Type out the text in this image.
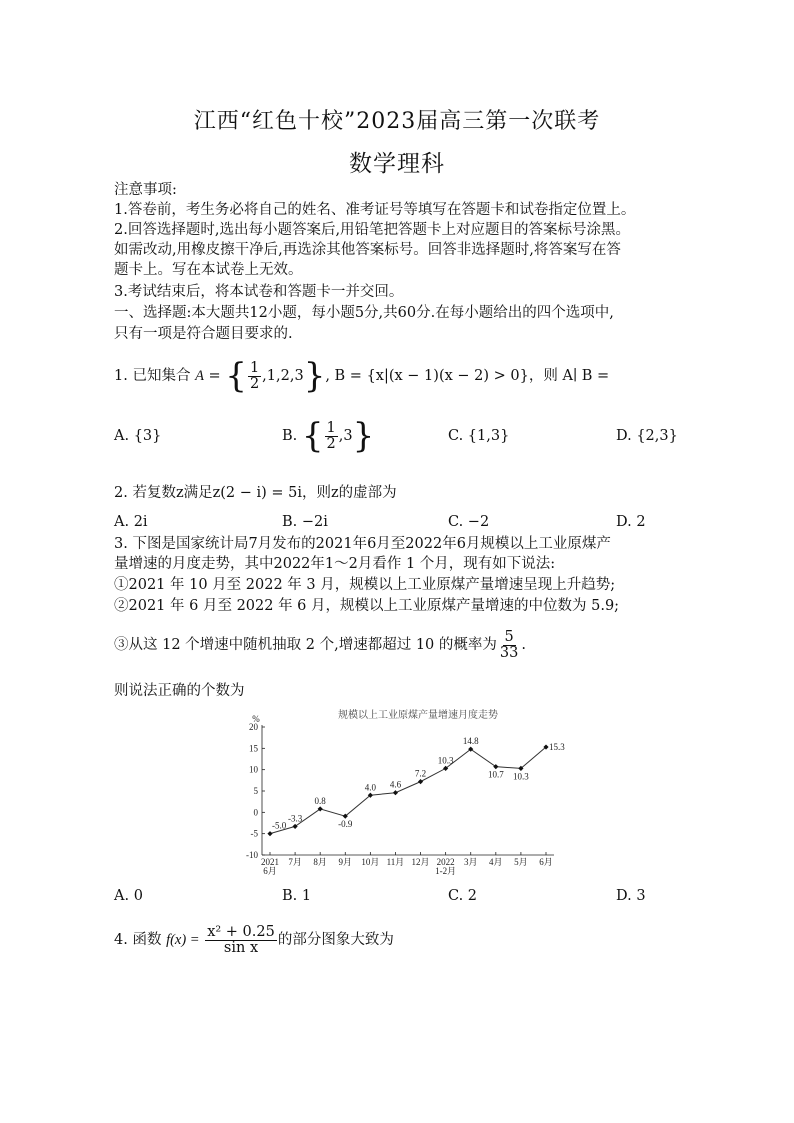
江西“红色十校”2023届高三第一次联考
数学理科
注意事项:
1.答卷前，考生务必将自己的姓名、准考证号等填写在答题卡和试卷指定位置上。
2.回答选择题时,选出每小题答案后,用铅笔把答题卡上对应题目的答案标号涂黑。
如需改动,用橡皮擦干净后,再选涂其他答案标号。回答非选择题时,将答案写在答
题卡上。写在本试卷上无效。
3.考试结束后，将本试卷和答题卡一并交回。
一、选择题:本大题共12小题，每小题5分,共60分.在每小题给出的四个选项中,
只有一项是符合题目要求的.
1. 已知集合 A = { $\frac{1}{2} ,1,2,3$}, B = {x|(x − 1)(x − 2) > 0}，则 A∣ B =
A. {3}	B. { $\frac{1}{2} ,3$}	C. {1,3}	D. {2,3}
2. 若复数z满足z(2 − i) = 5i，则z的虚部为
A. 2i	B. −2i	C. −2	D. 2
3. 下图是国家统计局7月发布的2021年6月至2022年6月规模以上工业原煤产
量增速的月度走势，其中2022年1～2月看作 1 个月，现有如下说法:
①2021 年 10 月至 2022 年 3 月，规模以上工业原煤产量增速呈现上升趋势;
②2021 年 6 月至 2022 年 6 月，规模以上工业原煤产量增速的中位数为 5.9;
③从这 12 个增速中随机抽取 2 个,增速都超过 10 的概率为 $\frac{5}{33}$ .
则说法正确的个数为
规模以上工业原煤产量增速月度走势
%
-10
-5
0
5
10
15
20
2021
6月
7月 8月 9月 10月 11月 12月 2022
1-2月
3月 4月 5月 6月
-5.0
-3.3
0.8
-0.9
4.0 4.6
7.2
10.3
14.8
10.7 10.3
15.3
A. 0	B. 1	C. 2	D. 3
4. 函数 $f(x) = \frac{\text{x² + 0.25}}{\text{sin x}}$ 的部分图象大致为
